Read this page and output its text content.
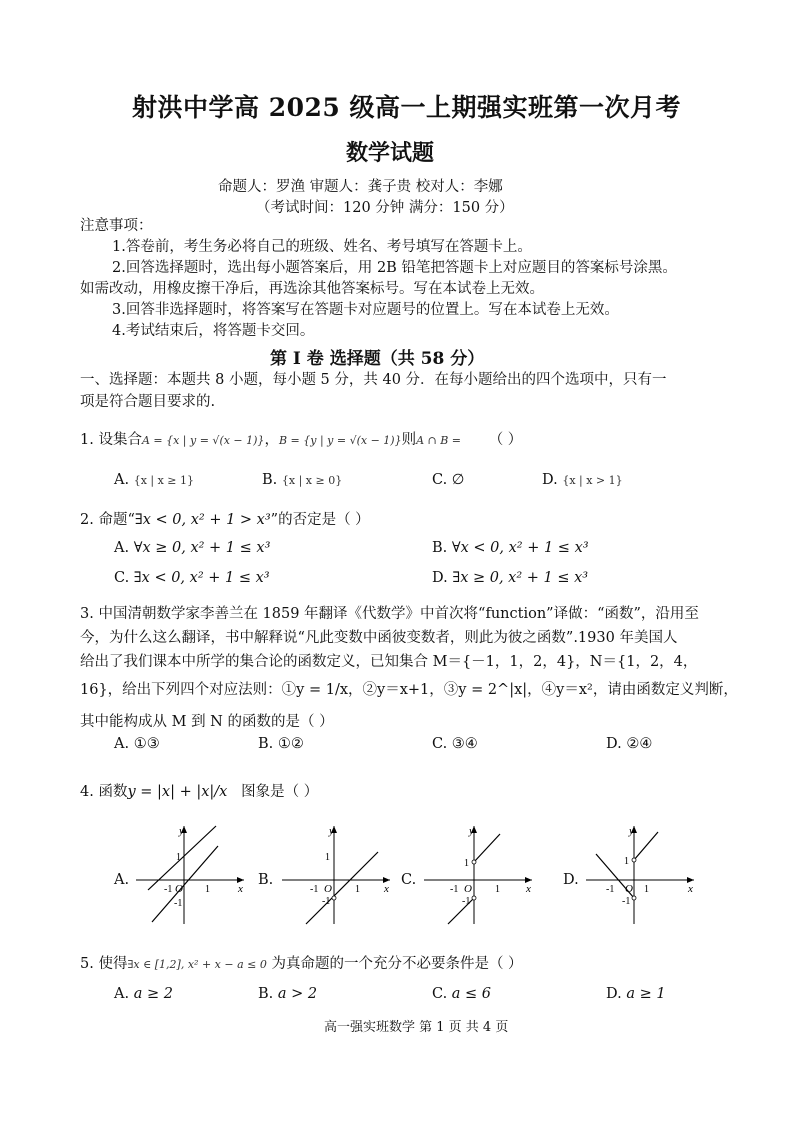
射洪中学高 2025 级高一上期强实班第一次月考
数学试题
命题人：罗渔 审题人：龚子贵 校对人：李娜
（考试时间：120 分钟 满分：150 分）
注意事项：
1.答卷前，考生务必将自己的班级、姓名、考号填写在答题卡上。
2.回答选择题时，选出每小题答案后，用 2B 铅笔把答题卡上对应题目的答案标号涂黑。
如需改动，用橡皮擦干净后，再选涂其他答案标号。写在本试卷上无效。
3.回答非选择题时，将答案写在答题卡对应题号的位置上。写在本试卷上无效。
4.考试结束后，将答题卡交回。
第 I 卷 选择题（共 58 分）
一、选择题：本题共 8 小题，每小题 5 分，共 40 分．在每小题给出的四个选项中，只有一
项是符合题目要求的.
1. 设集合A = {x | y = √(x − 1)}，B = {y | y = √(x − 1)}则A ∩ B = （ ）
A. {x | x ≥ 1}	B. {x | x ≥ 0}	C. ∅	D. {x | x > 1}
2. 命题“∃x < 0, x² + 1 > x³”的否定是（ ）
A. ∀x ≥ 0, x² + 1 ≤ x³	B. ∀x < 0, x² + 1 ≤ x³
C. ∃x < 0, x² + 1 ≤ x³	D. ∃x ≥ 0, x² + 1 ≤ x³
3. 中国清朝数学家李善兰在 1859 年翻译《代数学》中首次将“function”译做：“函数”，沿用至
今，为什么这么翻译，书中解释说“凡此变数中函彼变数者，则此为彼之函数”.1930 年美国人
给出了我们课本中所学的集合论的函数定义，已知集合 M＝{－1，1，2，4}，N＝{1，2，4，
16}，给出下列四个对应法则：①y = 1/x，②y＝x+1，③y = 2^|x|，④y＝x²，请由函数定义判断，
其中能构成从 M 到 N 的函数的是（ ）
A. ①③	B. ①②	C. ③④	D. ②④
4. 函数y = |x| + |x|/x 图象是（ ）
A.	B.	C.	D.
y
x
1
-1 O 1
-1
y
x
1
-1 O 1
-1
y
x
1
-1 O 1
-1
y
x
1
-1 O 1
-1
5. 使得∃x ∈ [1,2], x² + x − a ≤ 0 为真命题的一个充分不必要条件是（ ）
A. a ≥ 2	B. a > 2	C. a ≤ 6	D. a ≥ 1
高一强实班数学 第 1 页 共 4 页
